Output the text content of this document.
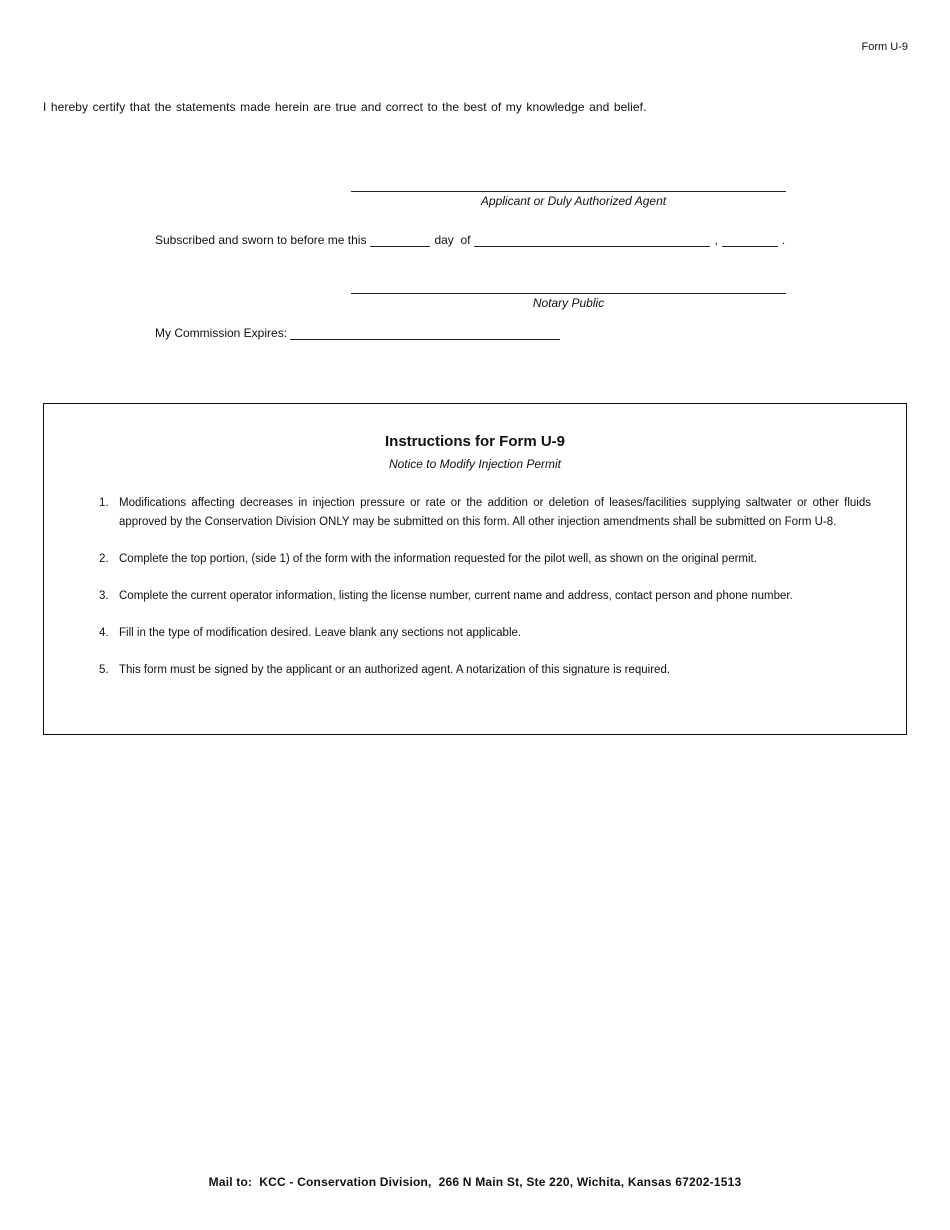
Form U-9
I hereby certify that the statements made herein are true and correct to the best of my knowledge and belief.
Applicant or Duly Authorized Agent
Subscribed and sworn to before me this	day  of	,	.
Notary Public
My Commission Expires:
Instructions for Form U-9
Notice to Modify Injection Permit
1. Modifications affecting decreases in injection pressure or rate or the addition or deletion of leases/facilities supplying saltwater or other fluids approved by the Conservation Division ONLY may be submitted on this form. All other injection amendments shall be submitted on Form U-8.
2. Complete the top portion, (side 1) of the form with the information requested for the pilot well, as shown on the original permit.
3. Complete the current operator information, listing the license number, current name and address, contact person and phone number.
4. Fill in the type of modification desired. Leave blank any sections not applicable.
5. This form must be signed by the applicant or an authorized agent. A notarization of this signature is required.
Mail to:  KCC - Conservation Division,  266 N Main St, Ste 220, Wichita, Kansas 67202-1513
